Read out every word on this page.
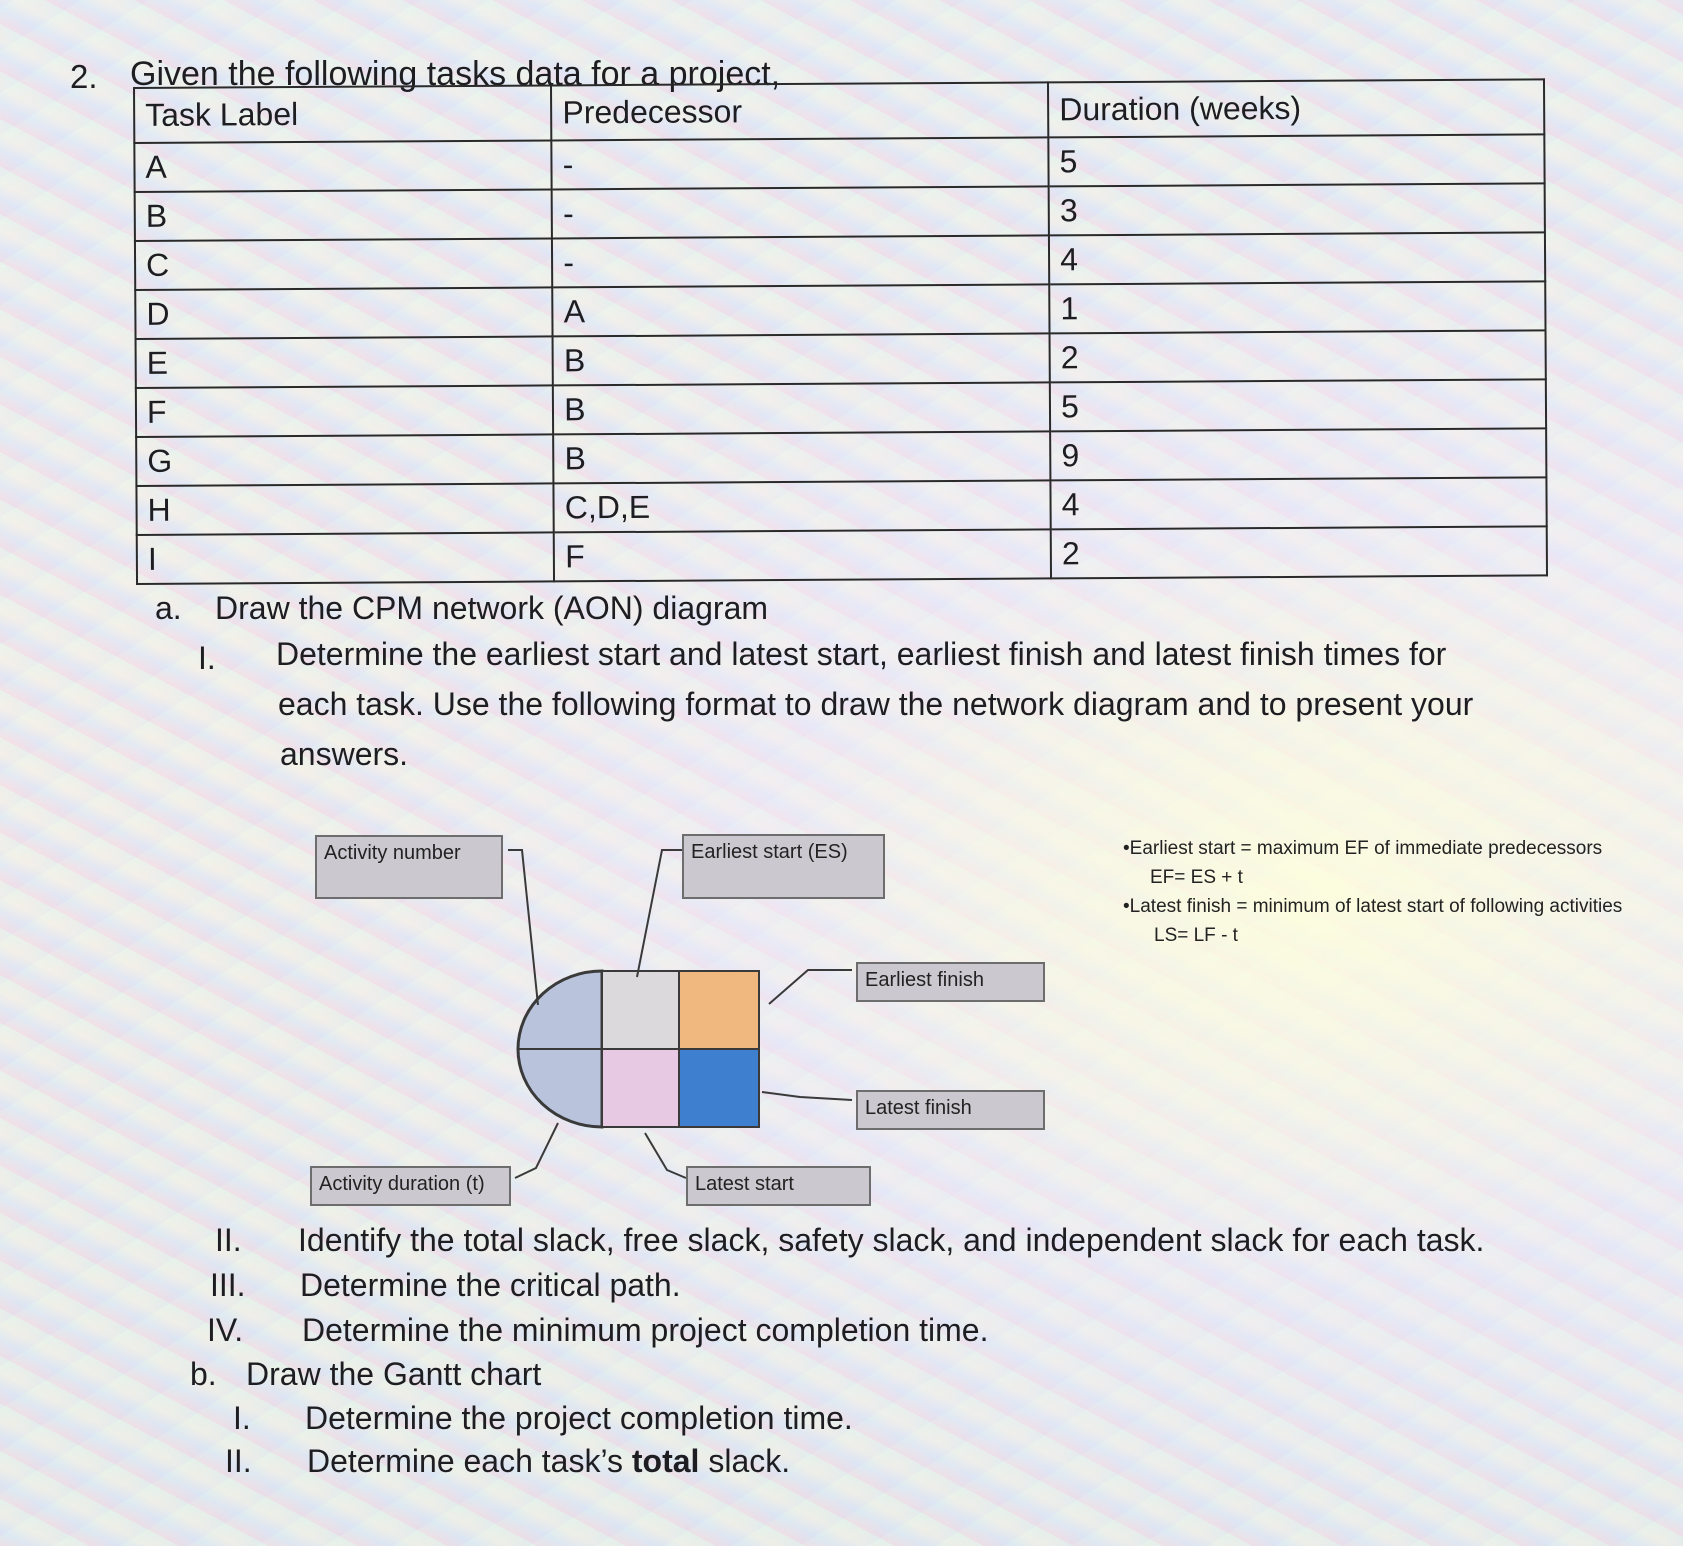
2. Given the following tasks data for a project,
Task Label	Predecessor	Duration (weeks)
A	-	5
B	-	3
C	-	4
D	A	1
E	B	2
F	B	5
G	B	9
H	C,D,E	4
I	F	2
a. Draw the CPM network (AON) diagram
I. Determine the earliest start and latest start, earliest finish and latest finish times for
each task. Use the following format to draw the network diagram and to present your
answers.
Activity number	Earliest start (ES)
Earliest finish
Latest finish
Activity duration (t)	Latest start
•Earliest start = maximum EF of immediate predecessors
EF= ES + t
•Latest finish = minimum of latest start of following activities
LS= LF - t
II. Identify the total slack, free slack, safety slack, and independent slack for each task.
III. Determine the critical path.
IV. Determine the minimum project completion time.
b. Draw the Gantt chart
I. Determine the project completion time.
II. Determine each task’s total slack.
